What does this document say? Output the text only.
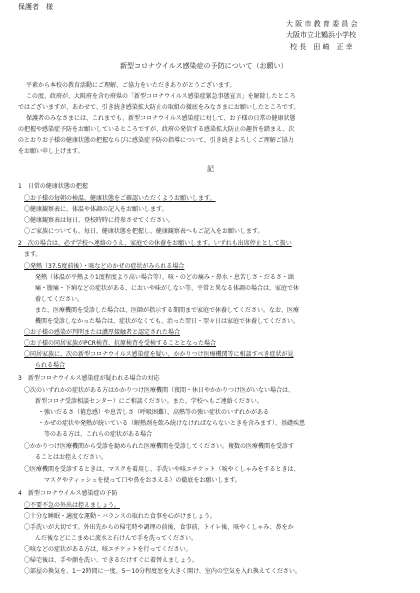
保護者　様
大 阪 市 教 育 委 員 会
大阪市立北鶴浜小学校
校 長　田 崎　正 幸
新型コロナウイルス感染症の予防について（お願い）
平素から本校の教育活動にご理解、ご協力をいただきありがとうございます。
この度、政府が、大阪府を含む府県の「新型コロナウイルス感染症緊急事態宣言」を解除したところ
ではございますが、あわせて、引き続き感染拡大防止の取組の徹底をみなさまにお願いしたところです。
保護者のみなさまには、これまでも、新型コロナウイルス感染症に対して、お子様の日常の健康状態
の把握や感染症予防をお願いしているところですが、政府の発信する感染拡大防止の趣旨を踏まえ、次
のとおりお子様の健康状態の把握ならびに感染症予防の指導について、引き続きよろしくご理解ご協力
をお願い申し上げます。
記
1　日常の健康状態の把握
〇お子様の毎朝の検温、健康状態をご確認いただくようお願いします。
〇健康観察表に、体温や体調の記入をお願いします。
〇健康観察表は毎日、登校時時に持参させてください。
〇ご家族についても、毎日、健康状態を把握し、健康観察表へもご記入をお願いします。
2　次の場合は、必ず学校へ連絡のうえ、家庭での休養をお願いします。いずれも出席停止として扱い
ます。
〇発熱（37.5度前後）・咳などのかぜの症状がみられる場合
発熱（体温が平熱より1度程度より高い場合等）、咳・のどの痛み・鼻水・息苦しさ・だるさ・頭
痛・腹痛・下痢などの症状がある、においや味がしない等、平常と異なる体調の場合は、家庭で休
養してください。
また、医療機関を受診した場合は、医師が指示する期間まで家庭で休養してください。なお、医療
機関を受診しなかった場合は、症状がなくても、治った翌日・翌々日は家庭で休養してください。
〇お子様の感染が判明または濃厚接触者と認定された場合
〇お子様の同居家族がPCR検査、抗原検査を受検することとなった場合
〇同居家族に、次の新型コロナウイルス感染症を疑い、かかりつけ医療機関等に相談すべき症状が見
られる場合
3　新型コロナウイルス感染症が疑われる場合の対応
〇次のいずれかの症状がある方はかかりつけ医療機関（夜間・休日やかかりつけ医がいない場合は、
新型コロナ受診相談センター）にご相談ください。また、学校へもご連絡ください。
・強いだるさ（倦怠感）や息苦しさ（呼吸困難）、高熱等の強い症状のいずれかがある
・かぜの症状や発熱が続いている（解熱剤を飲み続けなければならないときを含みます）、基礎疾患
等のある方は、これらの症状がある場合
〇かかりつけ医療機関から受診を勧められた医療機関を受診してください。複数の医療機関を受診す
ることはお控えください。
〇医療機関を受診するときは、マスクを着用し、手洗いや咳エチケット（咳やくしゃみをするときは、
マスクやティッシュを使って口や鼻をおさえる）の徹底をお願いします。
4　新型コロナウイルス感染症の予防
〇不要不急の外出は控えましょう。
〇十分な睡眠・適度な運動・バランスの取れた食事を心がけましょう。
〇手洗いが大切です。外出先からの帰宅時や調理の前後、食事前、トイレ後、咳やくしゃみ、鼻をか
んだ後などにこまめに流水と石けんで手を洗ってください。
〇咳などの症状がある方は、咳エチケットを行ってください。
〇帰宅後は、手や顔を洗い、できるだけすぐに着替えましょう。
〇部屋の換気を、1～2時間に一度、5～10分程度窓を大きく開け、室内の空気を入れ換えてください。
